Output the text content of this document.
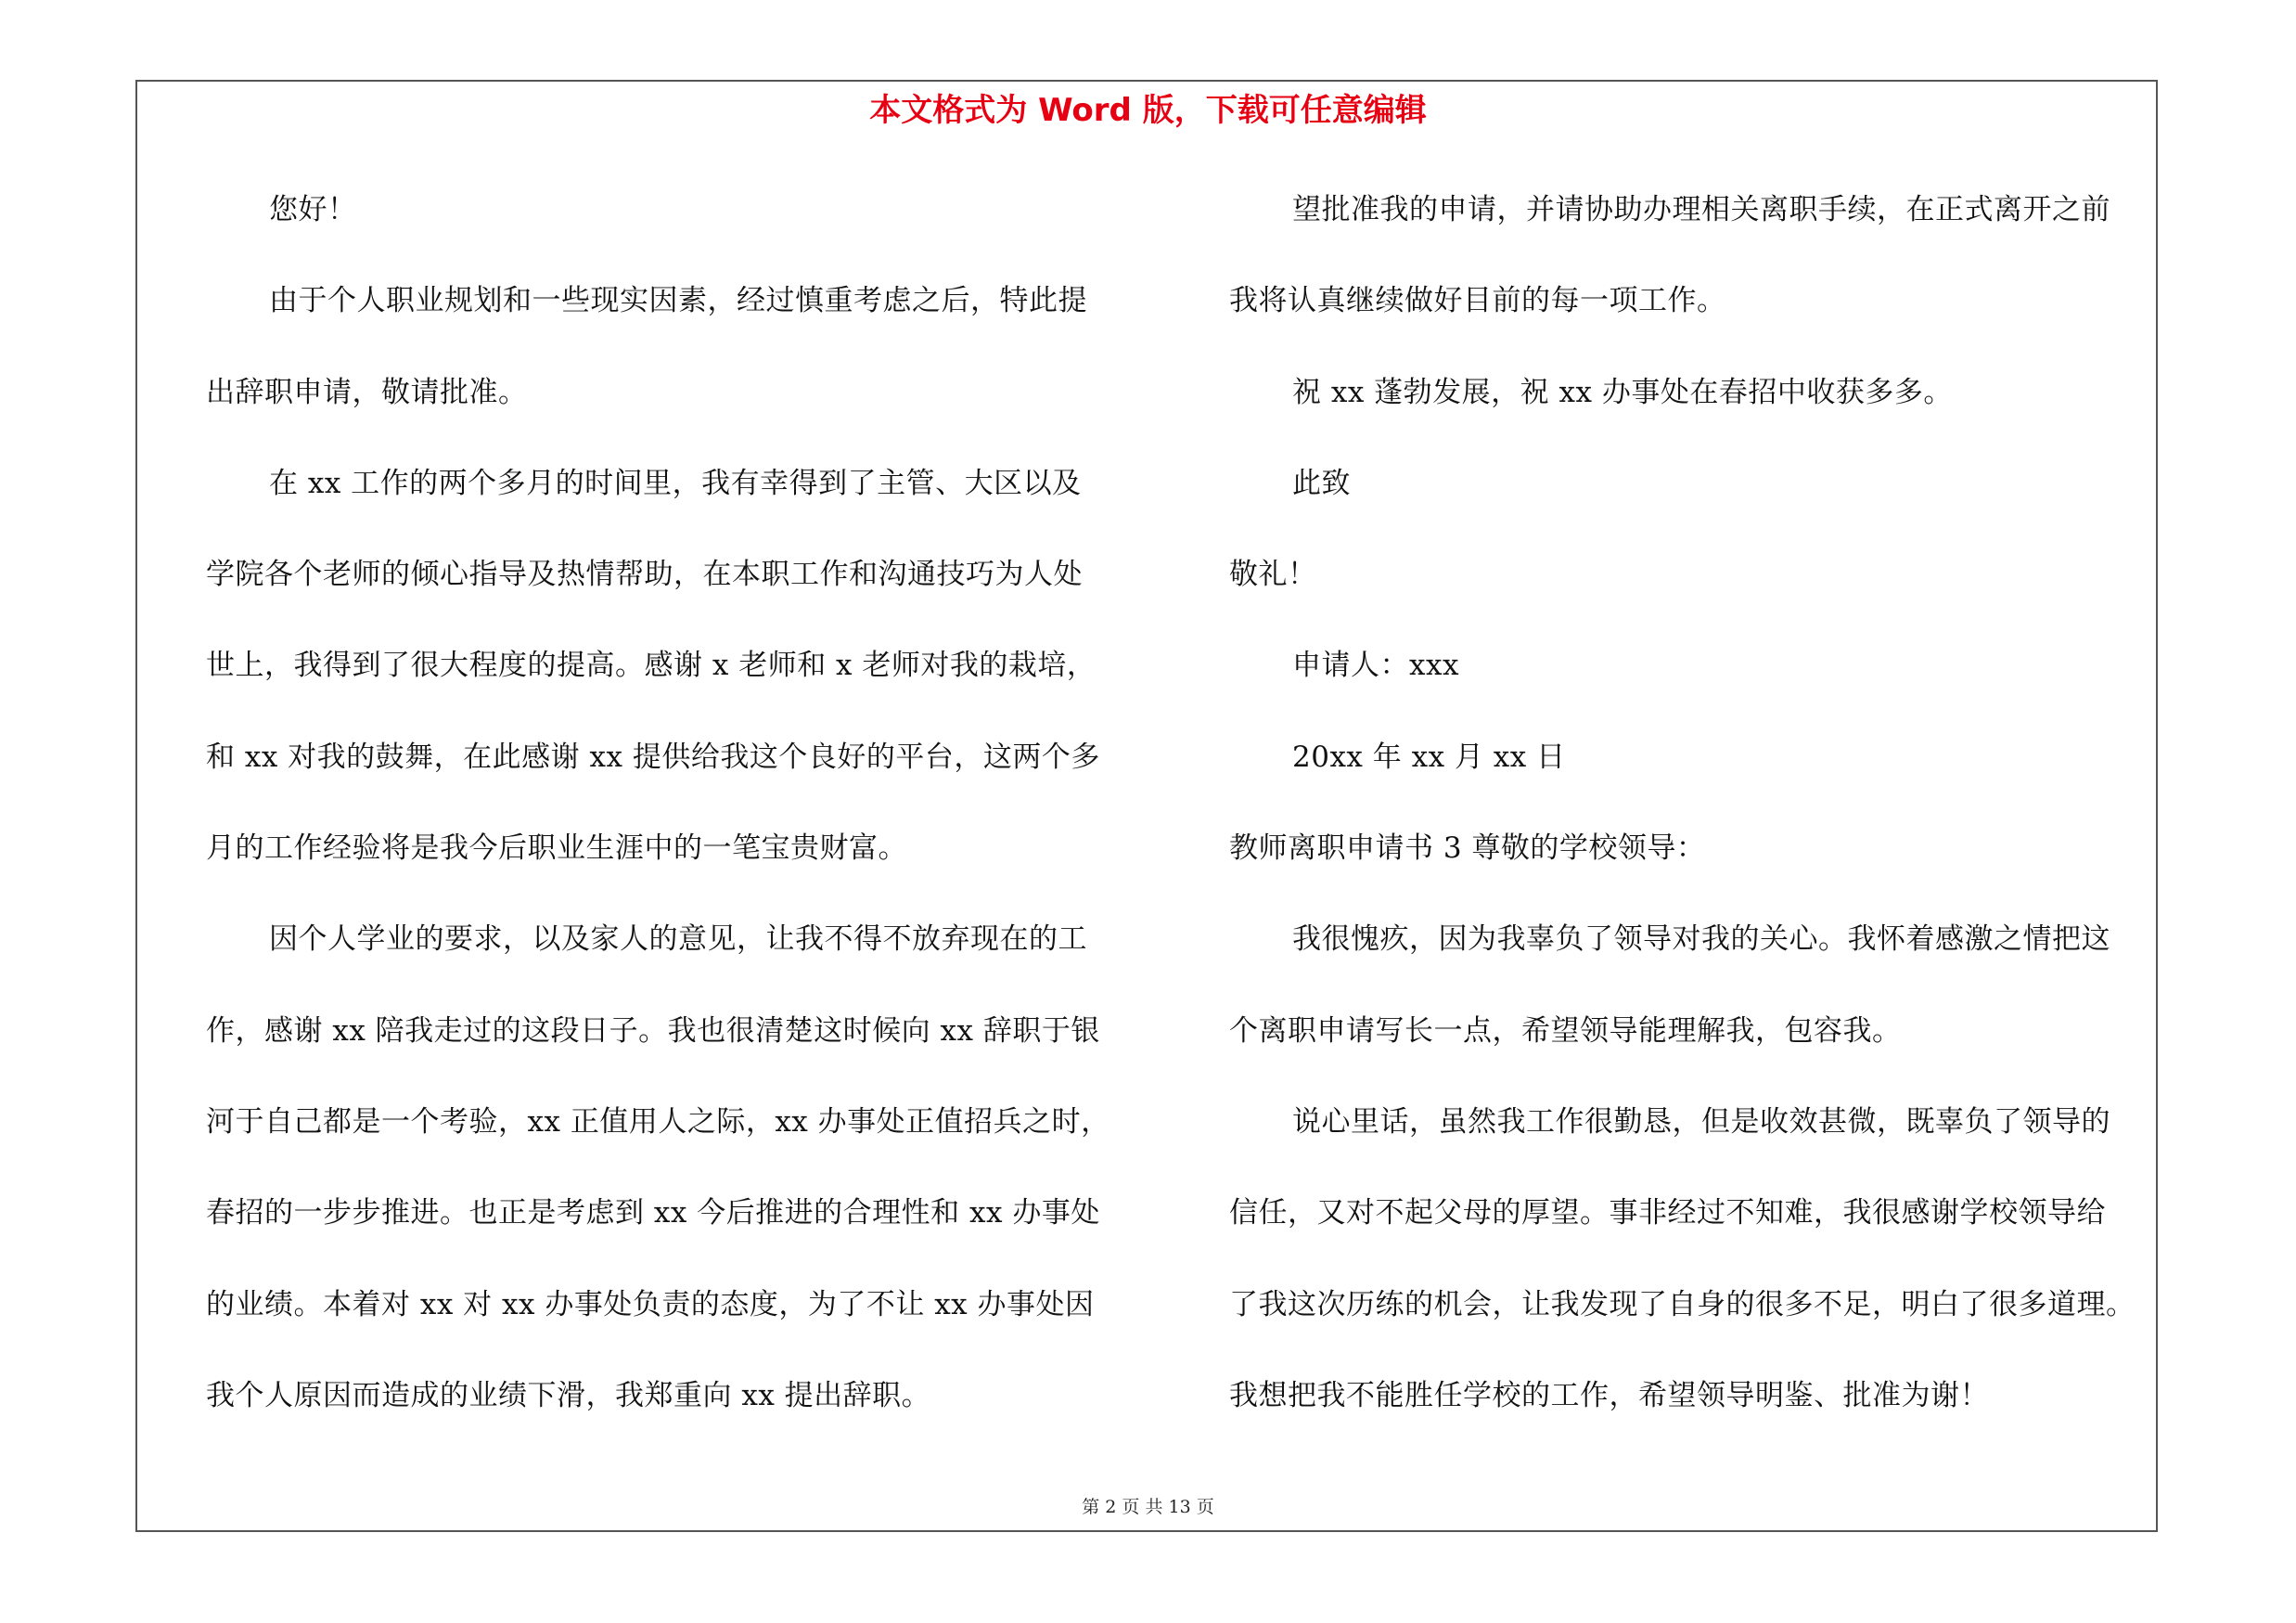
本文格式为 Word 版，下载可任意编辑
您好！
由于个人职业规划和一些现实因素，经过慎重考虑之后，特此提
出辞职申请，敬请批准。
在 xx 工作的两个多月的时间里，我有幸得到了主管、大区以及
学院各个老师的倾心指导及热情帮助，在本职工作和沟通技巧为人处
世上，我得到了很大程度的提高。感谢 x 老师和 x 老师对我的栽培，
和 xx 对我的鼓舞，在此感谢 xx 提供给我这个良好的平台，这两个多
月的工作经验将是我今后职业生涯中的一笔宝贵财富。
因个人学业的要求，以及家人的意见，让我不得不放弃现在的工
作，感谢 xx 陪我走过的这段日子。我也很清楚这时候向 xx 辞职于银
河于自己都是一个考验，xx 正值用人之际，xx 办事处正值招兵之时，
春招的一步步推进。也正是考虑到 xx 今后推进的合理性和 xx 办事处
的业绩。本着对 xx 对 xx 办事处负责的态度，为了不让 xx 办事处因
我个人原因而造成的业绩下滑，我郑重向 xx 提出辞职。
望批准我的申请，并请协助办理相关离职手续，在正式离开之前
我将认真继续做好目前的每一项工作。
祝 xx 蓬勃发展，祝 xx 办事处在春招中收获多多。
此致
敬礼！
申请人：xxx
20xx 年 xx 月 xx 日
教师离职申请书 3 尊敬的学校领导：
我很愧疚，因为我辜负了领导对我的关心。我怀着感激之情把这
个离职申请写长一点，希望领导能理解我，包容我。
说心里话，虽然我工作很勤恳，但是收效甚微，既辜负了领导的
信任，又对不起父母的厚望。事非经过不知难，我很感谢学校领导给
了我这次历练的机会，让我发现了自身的很多不足，明白了很多道理。
我想把我不能胜任学校的工作，希望领导明鉴、批准为谢！
第 2 页 共 13 页
